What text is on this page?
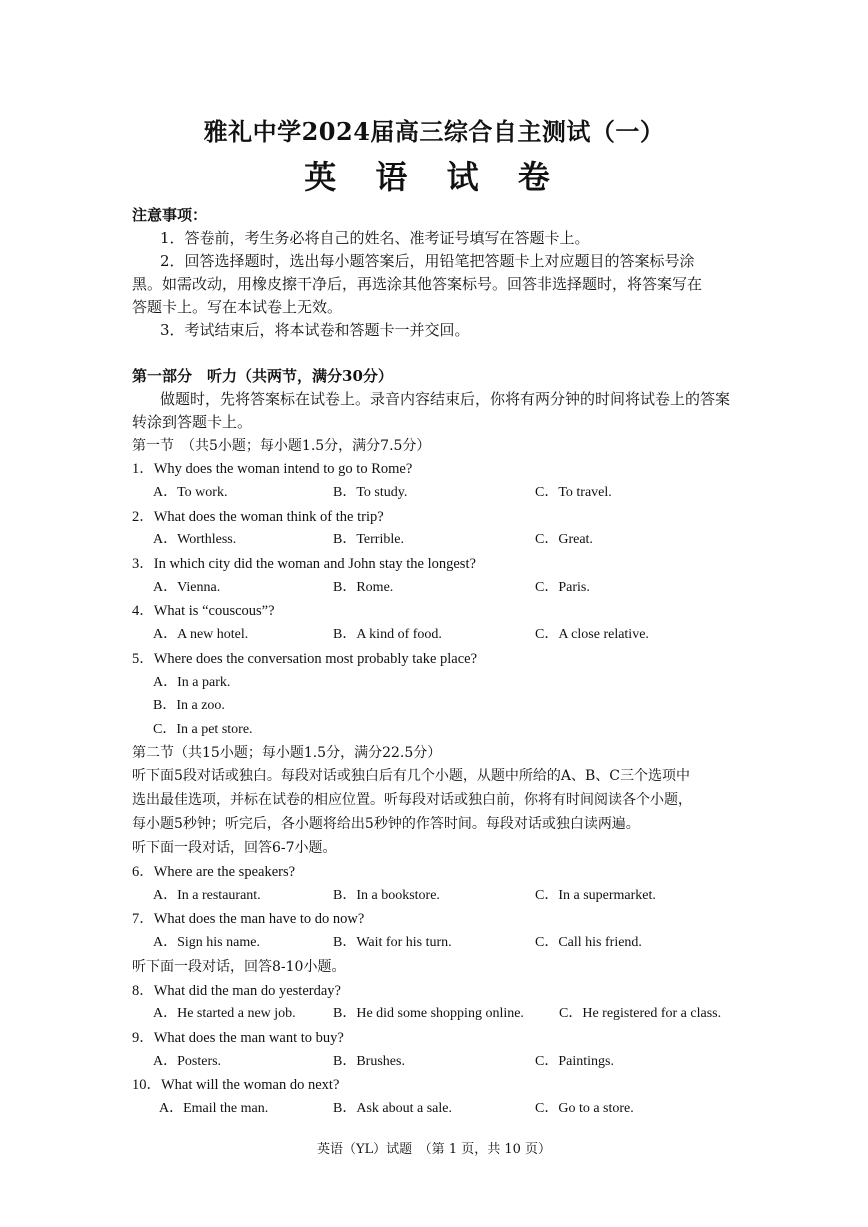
雅礼中学2024届高三综合自主测试（一）
英 语 试 卷
注意事项：
1．答卷前，考生务必将自己的姓名、准考证号填写在答题卡上。
2．回答选择题时，选出每小题答案后，用铅笔把答题卡上对应题目的答案标号涂
黑。如需改动，用橡皮擦干净后，再选涂其他答案标号。回答非选择题时，将答案写在
答题卡上。写在本试卷上无效。
3．考试结束后，将本试卷和答题卡一并交回。
第一部分　听力（共两节，满分30分）
做题时，先将答案标在试卷上。录音内容结束后，你将有两分钟的时间将试卷上的答案
转涂到答题卡上。
第一节　（共5小题；每小题1.5分，满分7.5分）
1．Why does the woman intend to go to Rome?
A．To work.	B．To study.	C．To travel.
2．What does the woman think of the trip?
A．Worthless.	B．Terrible.	C．Great.
3．In which city did the woman and John stay the longest?
A．Vienna.	B．Rome.	C．Paris.
4．What is “couscous”?
A．A new hotel.	B．A kind of food.	C．A close relative.
5．Where does the conversation most probably take place?
A．In a park.
B．In a zoo.
C．In a pet store.
第二节（共15小题；每小题1.5分，满分22.5分）
听下面5段对话或独白。每段对话或独白后有几个小题，从题中所给的A、B、C三个选项中
选出最佳选项，并标在试卷的相应位置。听每段对话或独白前，你将有时间阅读各个小题，
每小题5秒钟；听完后，各小题将给出5秒钟的作答时间。每段对话或独白读两遍。
听下面一段对话，回答6-7小题。
6．Where are the speakers?
A．In a restaurant.	B．In a bookstore.	C．In a supermarket.
7．What does the man have to do now?
A．Sign his name.	B．Wait for his turn.	C．Call his friend.
听下面一段对话，回答8-10小题。
8．What did the man do yesterday?
A．He started a new job.	B．He did some shopping online.	C．He registered for a class.
9．What does the man want to buy?
A．Posters.	B．Brushes.	C．Paintings.
10．What will the woman do next?
A．Email the man.	B．Ask about a sale.	C．Go to a store.
英语（YL）试题　（第 1 页，共 10 页）
